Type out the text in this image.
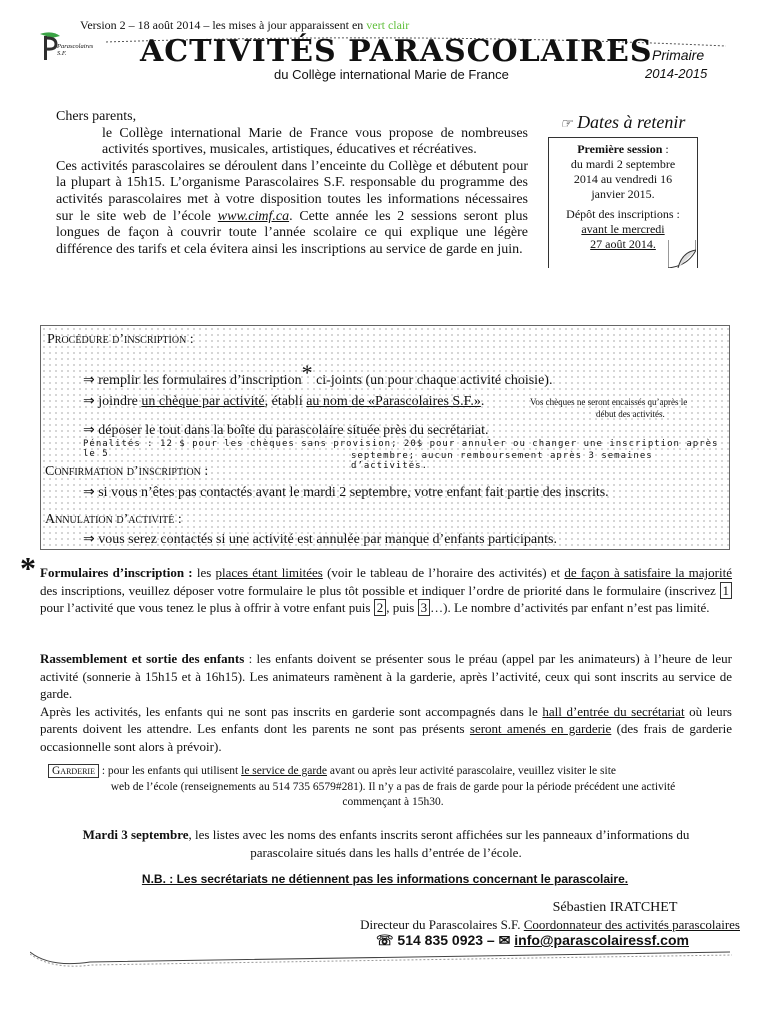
Version 2 – 18 août 2014 – les mises à jour apparaissent en vert clair
Parascolaires
S.F.	ACTIVITÉS PARASCOLAIRES Primaire
2014-2015
du Collège international Marie de France

Chers parents,

le Collège international Marie de France vous propose de nombreuses activités sportives, musicales, artistiques, éducatives et récréatives.

Ces activités parascolaires se déroulent dans l’enceinte du Collège et débutent pour la plupart à 15h15. L’organisme Parascolaires S.F. responsable du programme des activités parascolaires met à votre disposition toutes les informations nécessaires sur le site web de l’école www.cimf.ca. Cette année les 2 sessions seront plus longues de façon à couvrir toute l’année scolaire ce qui explique une légère différence des tarifs et cela évitera ainsi les inscriptions au service de garde en juin.

☞ Dates à retenir
Première session :
du mardi 2 septembre
2014 au vendredi 16
janvier 2015.
Dépôt des inscriptions :
avant le mercredi
27 août 2014.
Procédure d’inscription :
⇒ remplir les formulaires d’inscription* ci-joints (un pour chaque activité choisie).
⇒ joindre un chèque par activité, établi au nom de «Parascolaires S.F.».	Vos chèques ne seront encaissés qu’après le
début des activités.
⇒ déposer le tout dans la boîte du parascolaire située près du secrétariat.
Pénalités : 12 $ pour les chèques sans provision; 20$ pour annuler ou changer une inscription après le 5	septembre; aucun remboursement après 3 semaines d’activités.
Confirmation d’inscription :
⇒ si vous n’êtes pas contactés avant le mardi 2 septembre, votre enfant fait partie des inscrits.
Annulation d’activité :
⇒ vous serez contactés si une activité est annulée par manque d’enfants participants.
* Formulaires d’inscription : les places étant limitées (voir le tableau de l’horaire des activités) et de façon à satisfaire la majorité des inscriptions, veuillez déposer votre formulaire le plus tôt possible et indiquer l’ordre de priorité dans le formulaire (inscrivez 1 pour l’activité que vous tenez le plus à offrir à votre enfant puis 2 , puis 3 …). Le nombre d’activités par enfant n’est pas limité.
Rassemblement et sortie des enfants : les enfants doivent se présenter sous le préau (appel par les animateurs) à l’heure de leur activité (sonnerie à 15h15 et à 16h15). Les animateurs ramènent à la garderie, après l’activité, ceux qui sont inscrits au service de garde.
Après les activités, les enfants qui ne sont pas inscrits en garderie sont accompagnés dans le hall d’entrée du secrétariat où leurs parents doivent les attendre. Les enfants dont les parents ne sont pas présents seront amenés en garderie (des frais de garderie occasionnelle sont alors à prévoir).
Garderie : pour les enfants qui utilisent le service de garde avant ou après leur activité parascolaire, veuillez visiter le site
web de l’école (renseignements au 514 735 6579#281). Il n’y a pas de frais de garde pour la période précédent une activité
commençant à 15h30.
Mardi 3 septembre, les listes avec les noms des enfants inscrits seront affichées sur les panneaux d’informations du
parascolaire situés dans les halls d’entrée de l’école.
N.B. : Les secrétariats ne détiennent pas les informations concernant le parascolaire.
Sébastien IRATCHET
Directeur du Parascolaires S.F. Coordonnateur des activités parascolaires
☏ 514 835 0923 – ✉ info@parascolairessf.com
